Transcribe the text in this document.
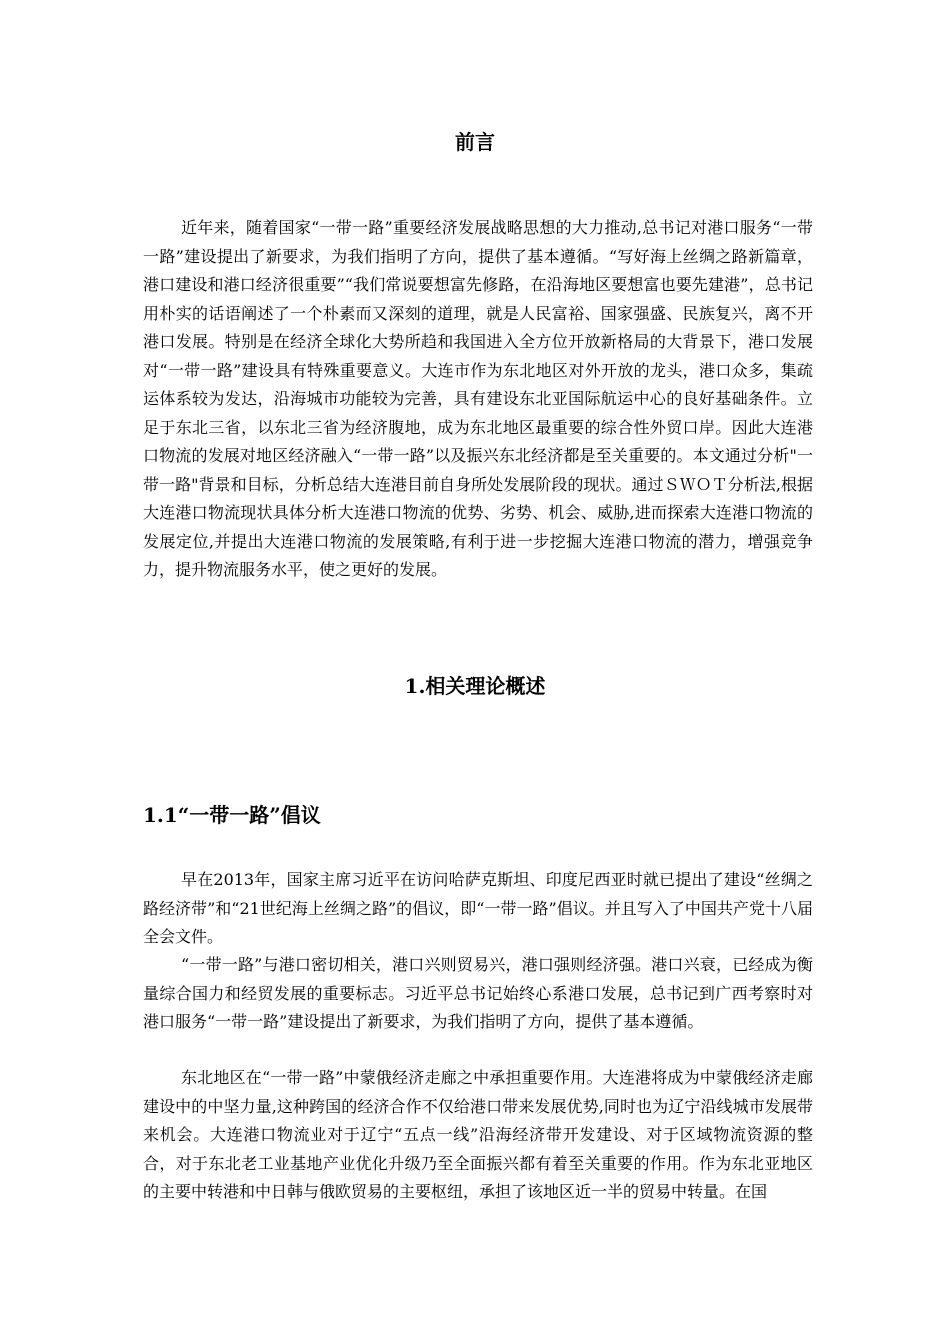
前言

近年来，随着国家“一带一路”重要经济发展战略思想的大力推动,总书记对港口服务“一带一路”建设提出了新要求，为我们指明了方向，提供了基本遵循。“写好海上丝绸之路新篇章，港口建设和港口经济很重要”“我们常说要想富先修路，在沿海地区要想富也要先建港”，总书记用朴实的话语阐述了一个朴素而又深刻的道理，就是人民富裕、国家强盛、民族复兴，离不开港口发展。特别是在经济全球化大势所趋和我国进入全方位开放新格局的大背景下，港口发展对“一带一路”建设具有特殊重要意义。大连市作为东北地区对外开放的龙头，港口众多，集疏运体系较为发达，沿海城市功能较为完善，具有建设东北亚国际航运中心的良好基础条件。立足于东北三省，以东北三省为经济腹地，成为东北地区最重要的综合性外贸口岸。因此大连港口物流的发展对地区经济融入“一带一路”以及振兴东北经济都是至关重要的。本文通过分析"一带一路"背景和目标，分析总结大连港目前自身所处发展阶段的现状。通过ＳＷＯＴ分析法,根据大连港口物流现状具体分析大连港口物流的优势、劣势、机会、威胁,进而探索大连港口物流的发展定位,并提出大连港口物流的发展策略,有利于进一步挖掘大连港口物流的潜力，增强竞争力，提升物流服务水平，使之更好的发展。

1.相关理论概述
1.1“一带一路”倡议

早在2013年，国家主席习近平在访问哈萨克斯坦、印度尼西亚时就已提出了建设“丝绸之路经济带”和“21世纪海上丝绸之路”的倡议，即“一带一路”倡议。并且写入了中国共产党十八届全会文件。

“一带一路”与港口密切相关，港口兴则贸易兴，港口强则经济强。港口兴衰，已经成为衡量综合国力和经贸发展的重要标志。习近平总书记始终心系港口发展，总书记到广西考察时对港口服务“一带一路”建设提出了新要求，为我们指明了方向，提供了基本遵循。

东北地区在“一带一路”中蒙俄经济走廊之中承担重要作用。大连港将成为中蒙俄经济走廊建设中的中坚力量,这种跨国的经济合作不仅给港口带来发展优势,同时也为辽宁沿线城市发展带来机会。大连港口物流业对于辽宁“五点一线”沿海经济带开发建设、对于区域物流资源的整合，对于东北老工业基地产业优化升级乃至全面振兴都有着至关重要的作用。作为东北亚地区的主要中转港和中日韩与俄欧贸易的主要枢纽，承担了该地区近一半的贸易中转量。在国
